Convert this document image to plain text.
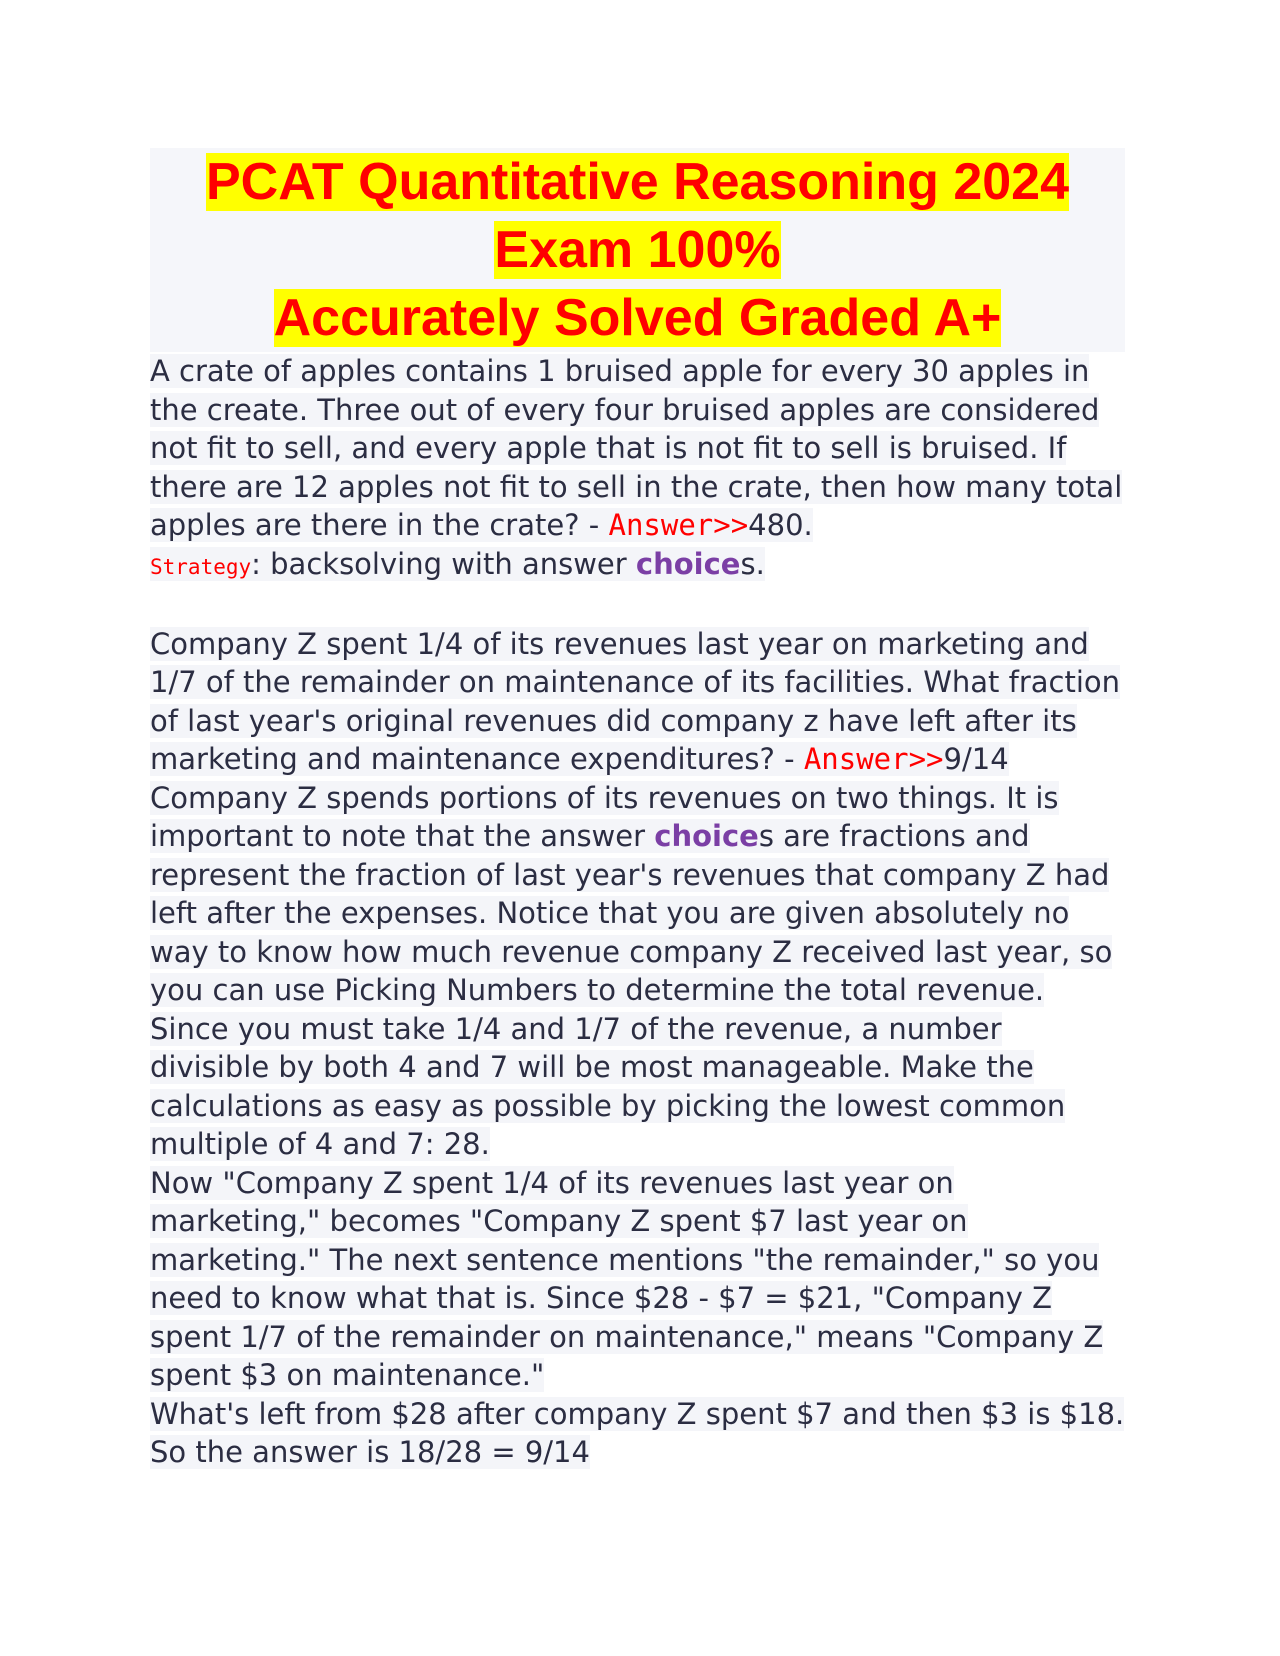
PCAT Quantitative Reasoning 2024
Exam 100%
Accurately Solved Graded A+

A crate of apples contains 1 bruised apple for every 30 apples in the create. Three out of every four bruised apples are considered not fit to sell, and every apple that is not fit to sell is bruised. If there are 12 apples not fit to sell in the crate, then how many total apples are there in the crate? - Answer>>480.

Strategy: backsolving with answer choices.

Company Z spent 1/4 of its revenues last year on marketing and 1/7 of the remainder on maintenance of its facilities. What fraction of last year's original revenues did company z have left after its marketing and maintenance expenditures? - Answer>>9/14

Company Z spends portions of its revenues on two things. It is important to note that the answer choices are fractions and represent the fraction of last year's revenues that company Z had left after the expenses. Notice that you are given absolutely no way to know how much revenue company Z received last year, so you can use Picking Numbers to determine the total revenue. Since you must take 1/4 and 1/7 of the revenue, a number divisible by both 4 and 7 will be most manageable. Make the calculations as easy as possible by picking the lowest common multiple of 4 and 7: 28.

Now "Company Z spent 1/4 of its revenues last year on marketing," becomes "Company Z spent $7 last year on marketing." The next sentence mentions "the remainder," so you need to know what that is. Since $28 - $7 = $21, "Company Z spent 1/7 of the remainder on maintenance," means "Company Z spent $3 on maintenance."

What's left from $28 after company Z spent $7 and then $3 is $18. So the answer is 18/28 = 9/14
